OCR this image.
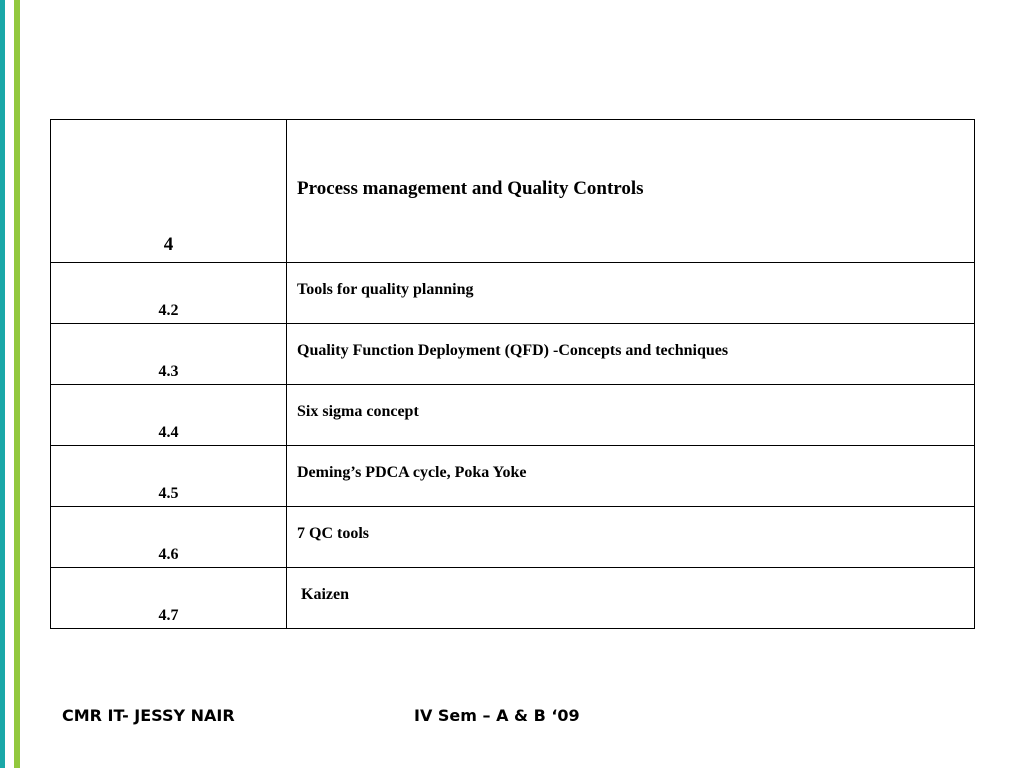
4	Process management and Quality Controls

4.2	Tools for quality planning

4.3	Quality Function Deployment (QFD) -Concepts and techniques

4.4	Six sigma concept

4.5	Deming’s PDCA cycle, Poka Yoke

4.6	7 QC tools

4.7	Kaizen
CMR IT- JESSY NAIR	IV Sem – A & B ‘09
